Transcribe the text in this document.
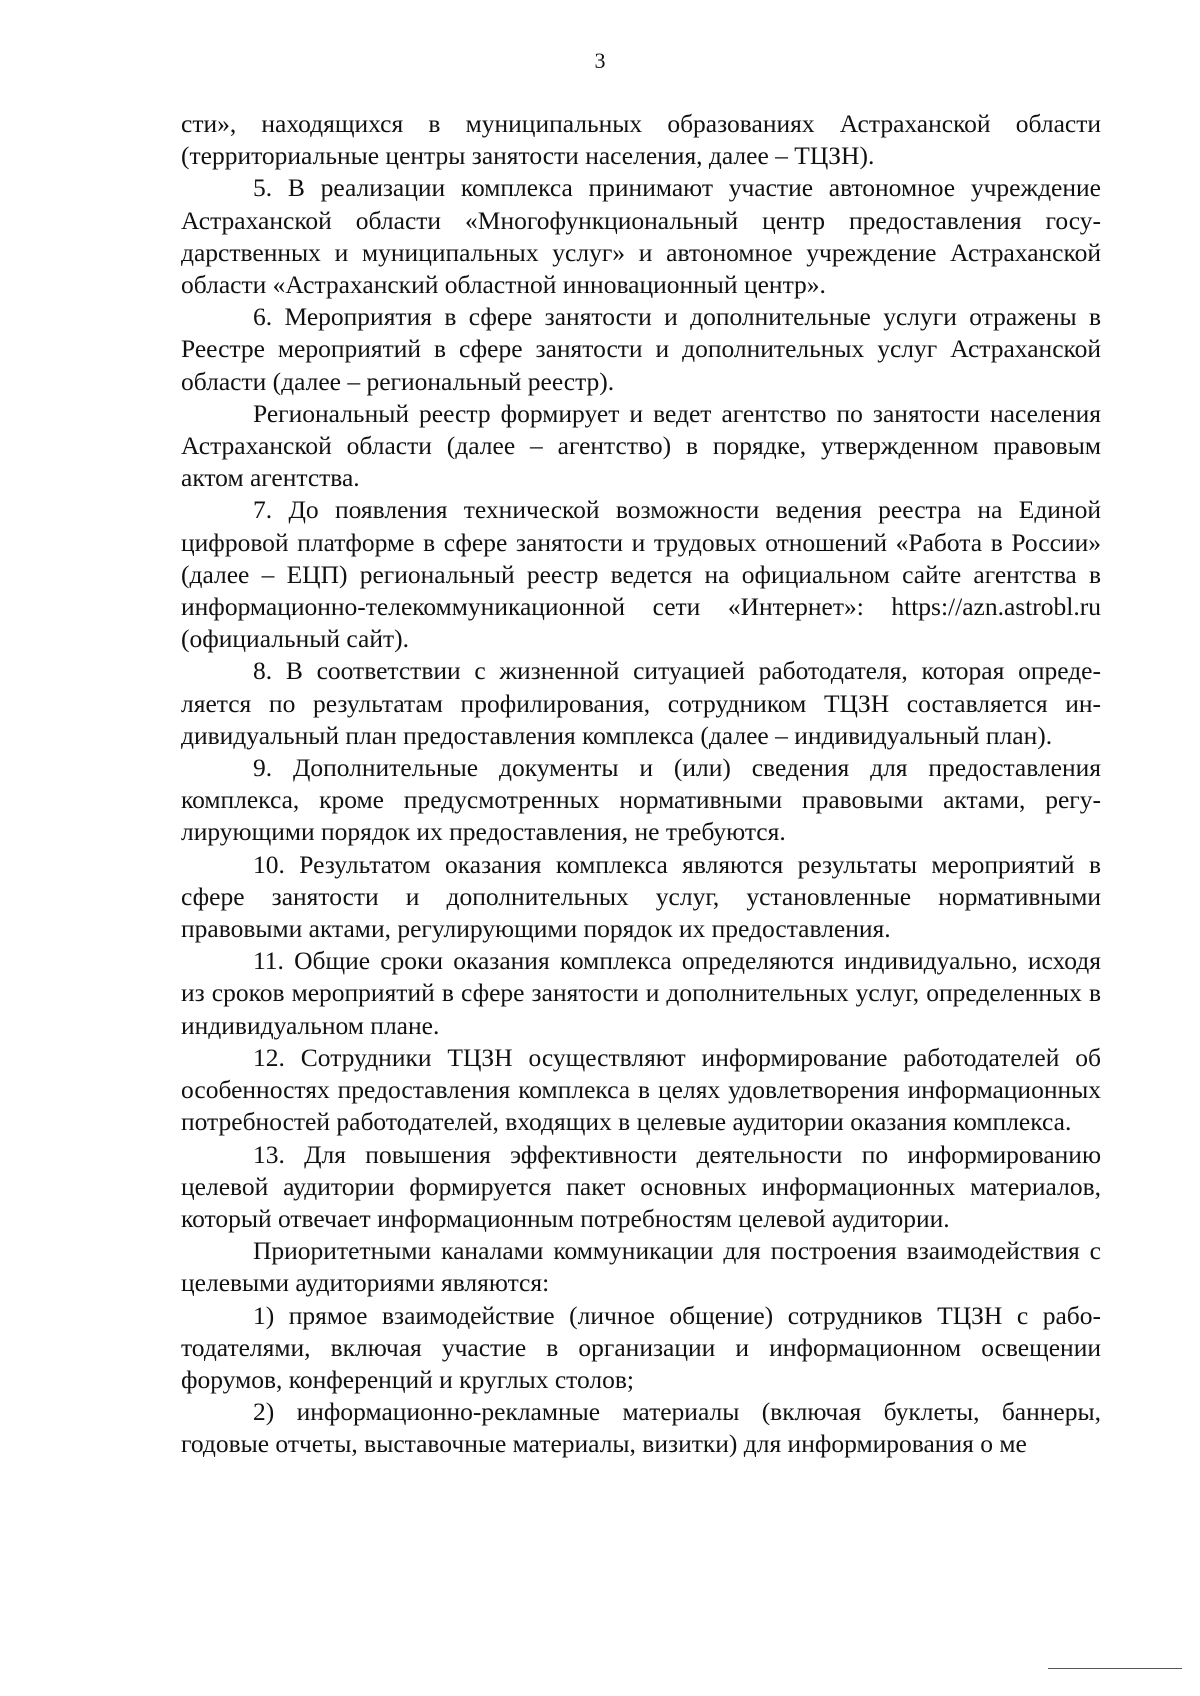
3

сти», находящихся в муниципальных образованиях Астраханской области (территориальные центры занятости населения, далее – ТЦЗН).

5. В реализации комплекса принимают участие автономное учреждение Астраханской области «Многофункциональный центр предоставления государственных и муниципальных услуг» и автономное учреждение Астраханской области «Астраханский областной инновационный центр».

6. Мероприятия в сфере занятости и дополнительные услуги отражены в Реестре мероприятий в сфере занятости и дополнительных услуг Астраханской области (далее – региональный реестр).

Региональный реестр формирует и ведет агентство по занятости населения Астраханской области (далее – агентство) в порядке, утвержденном правовым актом агентства.

7. До появления технической возможности ведения реестра на Единой цифровой платформе в сфере занятости и трудовых отношений «Работа в России» (далее – ЕЦП) региональный реестр ведется на официальном сайте агентства в информационно-телекоммуникационной сети «Интернет»: https://azn.astrobl.ru (официальный сайт).

8. В соответствии с жизненной ситуацией работодателя, которая определяется по результатам профилирования, сотрудником ТЦЗН составляется индивидуальный план предоставления комплекса (далее – индивидуальный план).

9. Дополнительные документы и (или) сведения для предоставления комплекса, кроме предусмотренных нормативными правовыми актами, регулирующими порядок их предоставления, не требуются.

10. Результатом оказания комплекса являются результаты мероприятий в сфере занятости и дополнительных услуг, установленные нормативными правовыми актами, регулирующими порядок их предоставления.

11. Общие сроки оказания комплекса определяются индивидуально, исходя из сроков мероприятий в сфере занятости и дополнительных услуг, определенных в индивидуальном плане.

12. Сотрудники ТЦЗН осуществляют информирование работодателей об особенностях предоставления комплекса в целях удовлетворения информационных потребностей работодателей, входящих в целевые аудитории оказания комплекса.

13. Для повышения эффективности деятельности по информированию целевой аудитории формируется пакет основных информационных материалов, который отвечает информационным потребностям целевой аудитории.

Приоритетными каналами коммуникации для построения взаимодействия с целевыми аудиториями являются:

1) прямое взаимодействие (личное общение) сотрудников ТЦЗН с работодателями, включая участие в организации и информационном освещении форумов, конференций и круглых столов;

2) информационно-рекламные материалы (включая буклеты, баннеры, годовые отчеты, выставочные материалы, визитки) для информирования о ме
